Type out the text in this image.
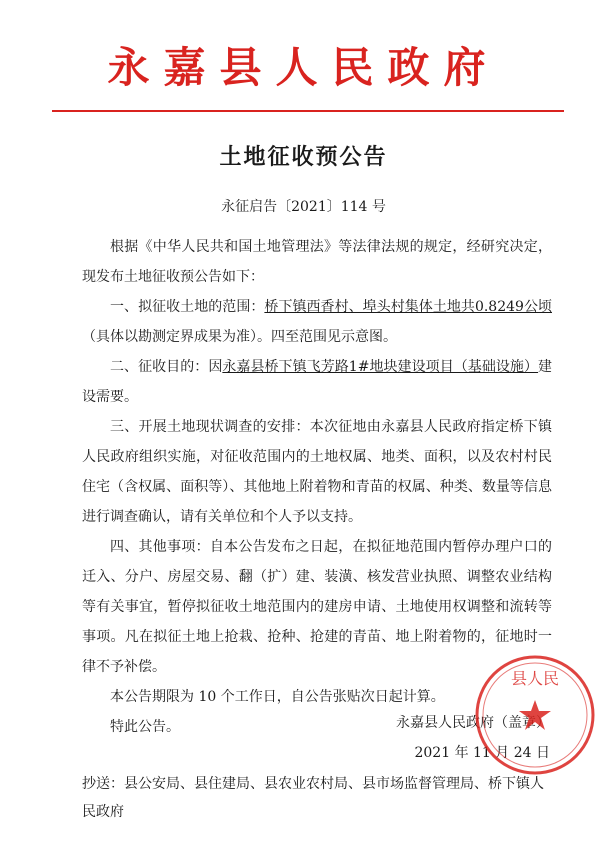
永嘉县人民政府
土地征收预公告
永征启告〔2021〕114 号

根据《中华人民共和国土地管理法》等法律法规的规定，经研究决定，现发布土地征收预公告如下：

一、拟征收土地的范围：桥下镇西香村、埠头村集体土地共0.8249公顷（具体以勘测定界成果为准）。四至范围见示意图。

二、征收目的：因永嘉县桥下镇飞芳路1#地块建设项目（基础设施）建设需要。

三、开展土地现状调查的安排：本次征地由永嘉县人民政府指定桥下镇人民政府组织实施，对征收范围内的土地权属、地类、面积，以及农村村民住宅（含权属、面积等）、其他地上附着物和青苗的权属、种类、数量等信息进行调查确认，请有关单位和个人予以支持。

四、其他事项：自本公告发布之日起，在拟征地范围内暂停办理户口的迁入、分户、房屋交易、翻（扩）建、装潢、核发营业执照、调整农业结构等有关事宜，暂停拟征收土地范围内的建房申请、土地使用权调整和流转等事项。凡在拟征土地上抢栽、抢种、抢建的青苗、地上附着物的，征地时一律不予补偿。

本公告期限为 10 个工作日，自公告张贴次日起计算。

特此公告。	永嘉县人民政府（盖章）
2021 年 11 月 24 日
抄送：县公安局、县住建局、县农业农村局、县市场监督管理局、桥下镇人民政府
县人民
